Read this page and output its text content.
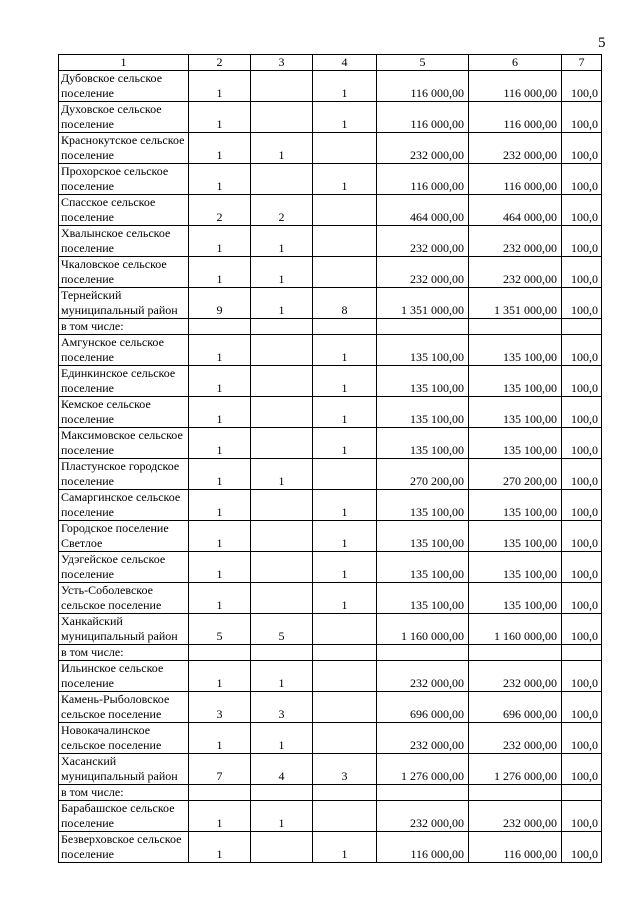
5
1	2	3	4	5	6	7
Дубовское сельское поселение	1		1	116 000,00	116 000,00	100,0
Духовское сельское поселение	1		1	116 000,00	116 000,00	100,0
Краснокутское сельское поселение	1	1		232 000,00	232 000,00	100,0
Прохорское сельское поселение	1		1	116 000,00	116 000,00	100,0
Спасское сельское поселение	2	2		464 000,00	464 000,00	100,0
Хвалынское сельское поселение	1	1		232 000,00	232 000,00	100,0
Чкаловское сельское поселение	1	1		232 000,00	232 000,00	100,0
Тернейский муниципальный район	9	1	8	1 351 000,00	1 351 000,00	100,0
в том числе:						
Амгунское сельское поселение	1		1	135 100,00	135 100,00	100,0
Единкинское сельское поселение	1		1	135 100,00	135 100,00	100,0
Кемское сельское поселение	1		1	135 100,00	135 100,00	100,0
Максимовское сельское поселение	1		1	135 100,00	135 100,00	100,0
Пластунское городское поселение	1	1		270 200,00	270 200,00	100,0
Самаргинское сельское поселение	1		1	135 100,00	135 100,00	100,0
Городское поселение Светлое	1		1	135 100,00	135 100,00	100,0
Удэгейское сельское поселение	1		1	135 100,00	135 100,00	100,0
Усть-Соболевское сельское поселение	1		1	135 100,00	135 100,00	100,0
Ханкайский муниципальный район	5	5		1 160 000,00	1 160 000,00	100,0
в том числе:						
Ильинское сельское поселение	1	1		232 000,00	232 000,00	100,0
Камень-Рыболовское сельское поселение	3	3		696 000,00	696 000,00	100,0
Новокачалинское сельское поселение	1	1		232 000,00	232 000,00	100,0
Хасанский муниципальный район	7	4	3	1 276 000,00	1 276 000,00	100,0
в том числе:						
Барабашское сельское поселение	1	1		232 000,00	232 000,00	100,0
Безверховское сельское поселение	1		1	116 000,00	116 000,00	100,0
